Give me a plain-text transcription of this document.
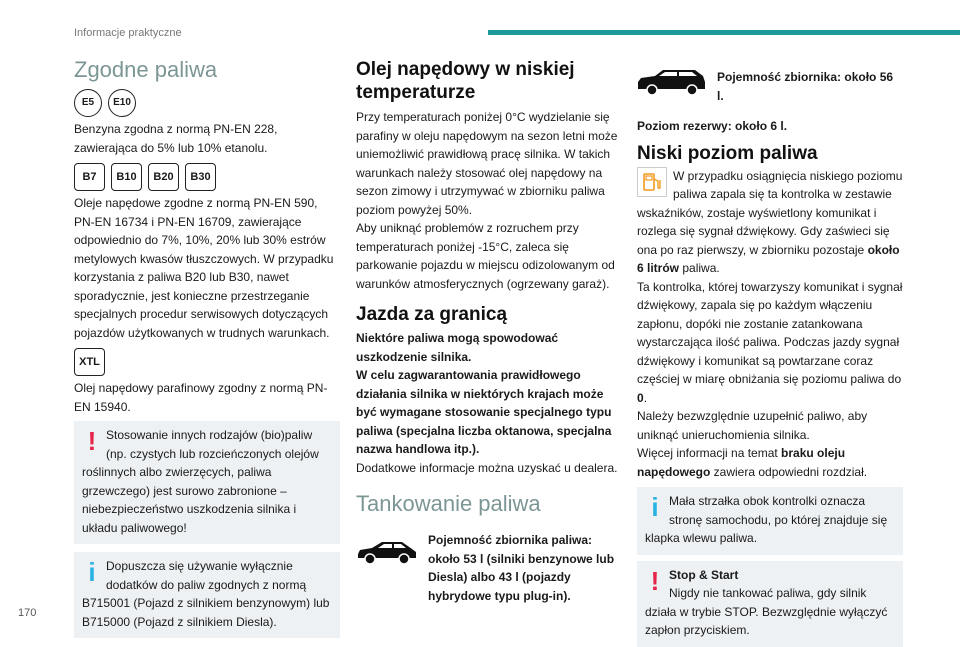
Informacje praktyczne
170
Zgodne paliwa
E5	E10
Benzyna zgodna z normą PN-EN 228, zawierająca do 5% lub 10% etanolu.
B7	B10	B20	B30
Oleje napędowe zgodne z normą PN-EN 590, PN-EN 16734 i PN-EN 16709, zawierające odpowiednio do 7%, 10%, 20% lub 30% estrów metylowych kwasów tłuszczowych. W przypadku korzystania z paliwa B20 lub B30, nawet sporadycznie, jest konieczne przestrzeganie specjalnych procedur serwisowych dotyczących pojazdów użytkowanych w trudnych warunkach.
XTL
Olej napędowy parafinowy zgodny z normą PN-EN 15940.
! Stosowanie innych rodzajów (bio)paliw (np. czystych lub rozcieńczonych olejów roślinnych albo zwierzęcych, paliwa grzewczego) jest surowo zabronione – niebezpieczeństwo uszkodzenia silnika i układu paliwowego!
i Dopuszcza się używanie wyłącznie dodatków do paliw zgodnych z normą B715001 (Pojazd z silnikiem benzynowym) lub B715000 (Pojazd z silnikiem Diesla).
Olej napędowy w niskiej temperaturze
Przy temperaturach poniżej 0°C wydzielanie się parafiny w oleju napędowym na sezon letni może uniemożliwić prawidłową pracę silnika. W takich warunkach należy stosować olej napędowy na sezon zimowy i utrzymywać w zbiorniku paliwa poziom powyżej 50%.
Aby uniknąć problemów z rozruchem przy temperaturach poniżej -15°C, zaleca się parkowanie pojazdu w miejscu odizolowanym od warunków atmosferycznych (ogrzewany garaż).
Jazda za granicą
Niektóre paliwa mogą spowodować uszkodzenie silnika.
W celu zagwarantowania prawidłowego działania silnika w niektórych krajach może być wymagane stosowanie specjalnego typu paliwa (specjalna liczba oktanowa, specjalna nazwa handlowa itp.).
Dodatkowe informacje można uzyskać u dealera.
Tankowanie paliwa
Pojemność zbiornika paliwa: około 53 l (silniki benzynowe lub Diesla) albo 43 l (pojazdy hybrydowe typu plug-in).
Pojemność zbiornika: około 56 l.
Poziom rezerwy: około 6 l.
Niski poziom paliwa
W przypadku osiągnięcia niskiego poziomu paliwa zapala się ta kontrolka w zestawie wskaźników, zostaje wyświetlony komunikat i rozlega się sygnał dźwiękowy. Gdy zaświeci się ona po raz pierwszy, w zbiorniku pozostaje około 6 litrów paliwa.
Ta kontrolka, której towarzyszy komunikat i sygnał dźwiękowy, zapala się po każdym włączeniu zapłonu, dopóki nie zostanie zatankowana wystarczająca ilość paliwa. Podczas jazdy sygnał dźwiękowy i komunikat są powtarzane coraz częściej w miarę obniżania się poziomu paliwa do 0.
Należy bezwzględnie uzupełnić paliwo, aby uniknąć unieruchomienia silnika.
Więcej informacji na temat braku oleju napędowego zawiera odpowiedni rozdział.
i Mała strzałka obok kontrolki oznacza stronę samochodu, po której znajduje się klapka wlewu paliwa.
! Stop & Start
Nigdy nie tankować paliwa, gdy silnik działa w trybie STOP. Bezwzględnie wyłączyć zapłon przyciskiem.
